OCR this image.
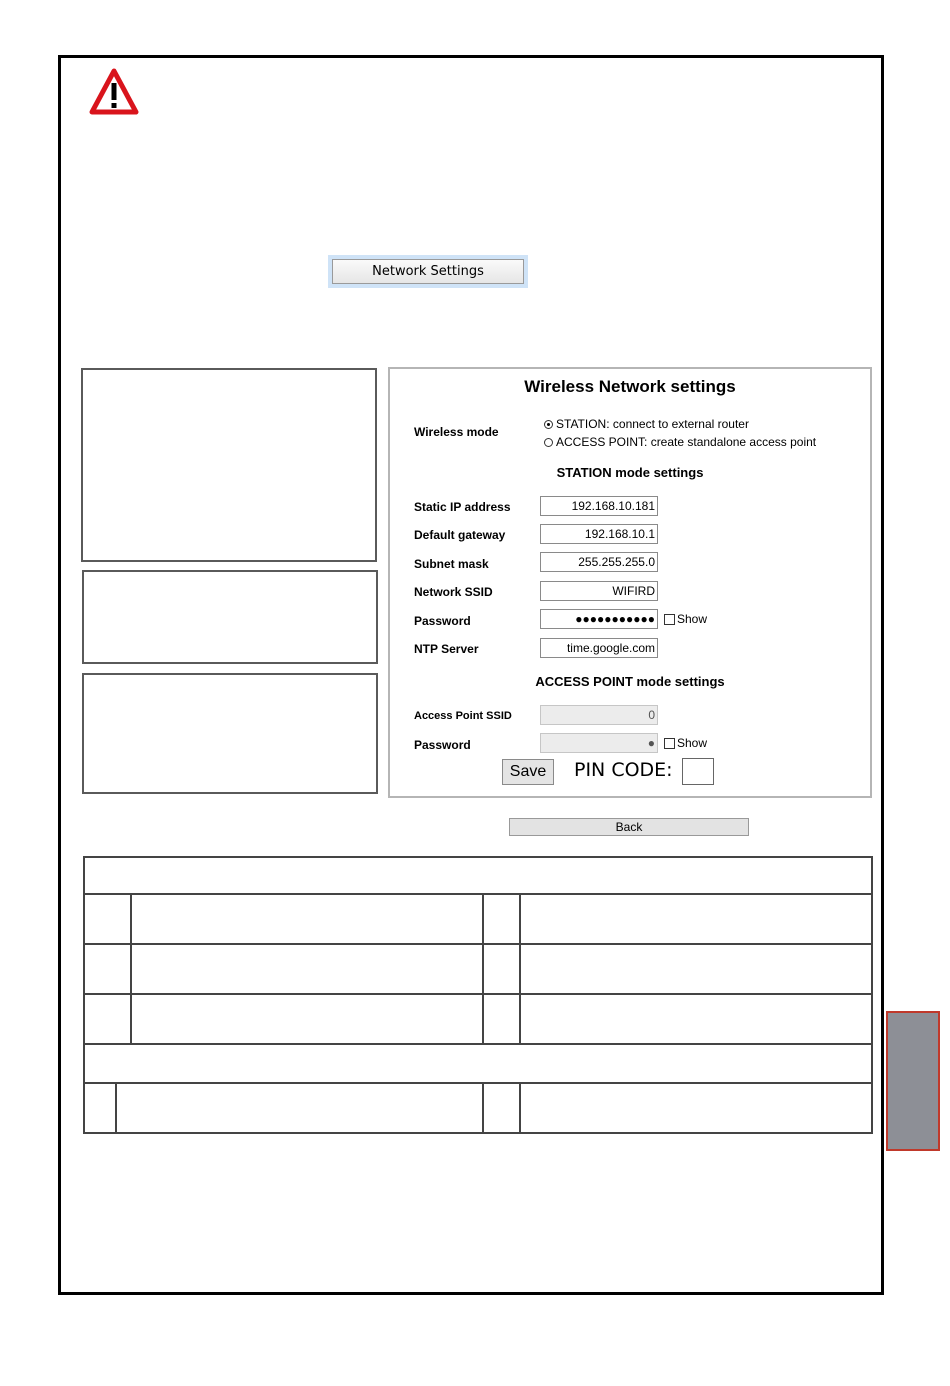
Network Settings
Wireless Network settings
Wireless mode
STATION: connect to external router
ACCESS POINT: create standalone access point
STATION mode settings
Static IP address	192.168.10.181
Default gateway	192.168.10.1
Subnet mask	255.255.255.0
Network SSID	WIFIRD
Password	●●●●●●●●●●● Show
NTP Server	time.google.com
ACCESS POINT mode settings
Access Point SSID	0
Password	● Show
Save	PIN CODE:
Back
